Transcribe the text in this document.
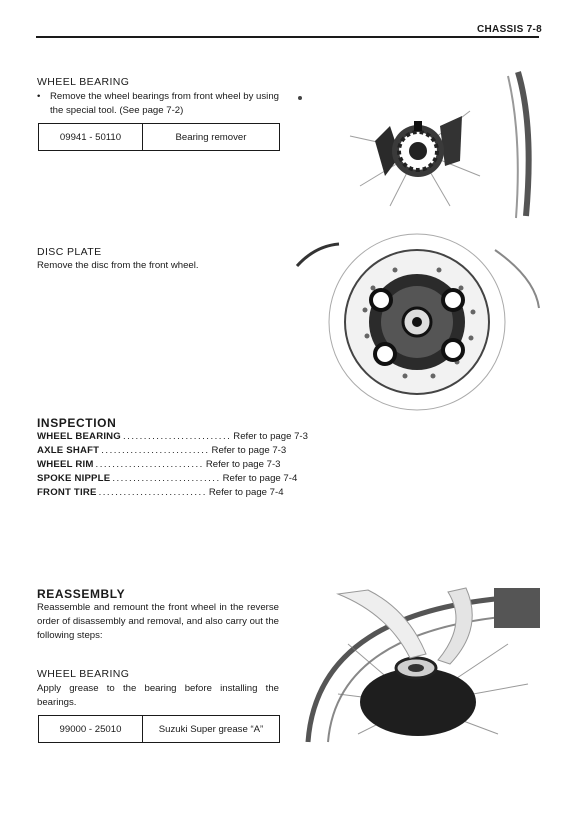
CHASSIS 7-8
WHEEL BEARING
• Remove the wheel bearings from front wheel by using the special tool. (See page 7-2)
09941 - 50110	Bearing remover
DISC PLATE
Remove the disc from the front wheel.
INSPECTION
WHEEL BEARING .......................... Refer to page 7-3
AXLE SHAFT .......................... Refer to page 7-3
WHEEL RIM .......................... Refer to page 7-3
SPOKE NIPPLE .......................... Refer to page 7-4
FRONT TIRE .......................... Refer to page 7-4
REASSEMBLY
Reassemble and remount the front wheel in the reverse order of disassembly and removal, and also carry out the following steps:
WHEEL BEARING
Apply grease to the bearing before installing the bearings.
99000 - 25010	Suzuki Super grease “A”
